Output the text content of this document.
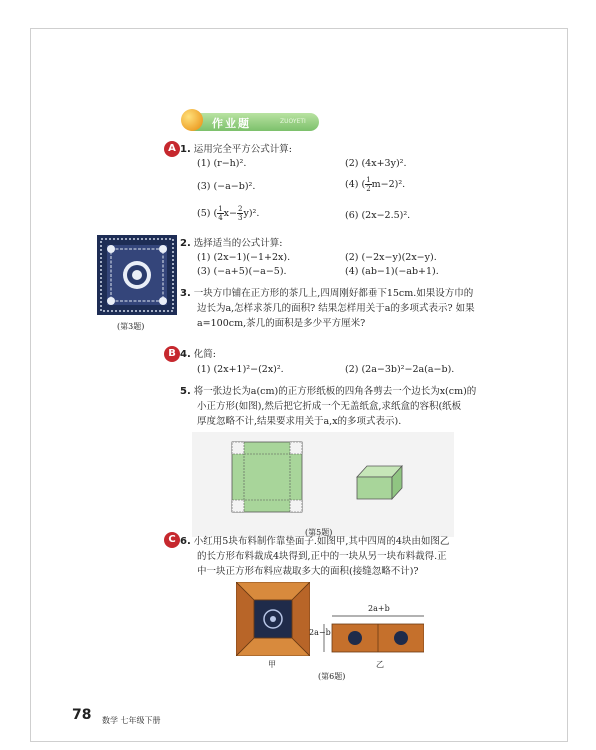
作业题	ZUOYETI
A 1. 运用完全平方公式计算:
(1) (r−h)².	(2) (4x+3y)².
(3) (−a−b)².	(4) ( $\frac{1}{2} m-2)^2$.
(5) ( $\frac{1}{4} x- \frac{2}{3} y)^2$.	(6) (2x−2.5)².
(第3题)
2. 选择适当的公式计算:
(1) (2x−1)(−1+2x).	(2) (−2x−y)(2x−y).
(3) (−a+5)(−a−5).	(4) (ab−1)(−ab+1).
3. 一块方巾铺在正方形的茶几上,四周刚好都垂下15cm.如果设方巾的
边长为a,怎样求茶几的面积? 结果怎样用关于a的多项式表示? 如果
a=100cm,茶几的面积是多少平方厘米?
B 4. 化简:
(1) (2x+1)²−(2x)².	(2) (2a−3b)²−2a(a−b).
5. 将一张边长为a(cm)的正方形纸板的四角各剪去一个边长为x(cm)的
小正方形(如图),然后把它折成一个无盖纸盒,求纸盒的容积(纸板
厚度忽略不计,结果要求用关于a,x的多项式表示).
(第5题)
C 6. 小红用5块布料制作靠垫面子.如图甲,其中四周的4块由如图乙
的长方形布料裁成4块得到,正中的一块从另一块布料裁得.正
中一块正方形布料应裁取多大的面积(接缝忽略不计)?
甲
2a+b
2a−b
乙
(第6题)
78 数学 七年级下册
